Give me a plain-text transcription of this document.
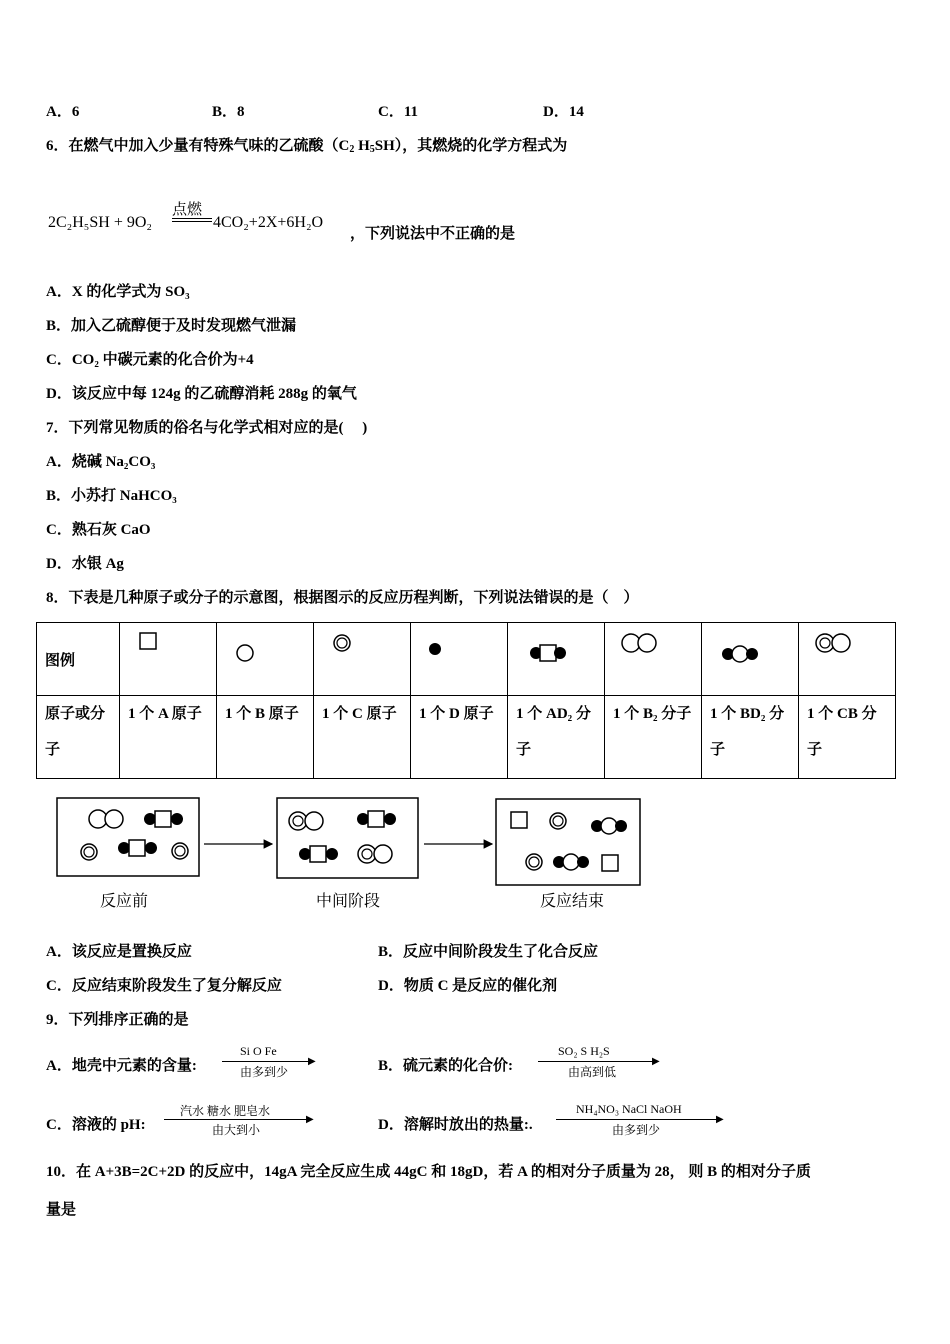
A．6	B．8	C．11	D．14
6．在燃气中加入少量有特殊气味的乙硫酸（$C_2$ $H_5SH$），其燃烧的化学方程式为
2C₂H₅SH + 9O₂
点燃
4CO₂+2X+6H₂O
，下列说法中不正确的是
A．X 的化学式为 SO₃
B．加入乙硫醇便于及时发现燃气泄漏
C．CO₂ 中碳元素的化合价为+4
D．该反应中每 124g 的乙硫醇消耗 288g 的氧气
7．下列常见物质的俗名与化学式相对应的是(　 )
A．烧碱 Na₂CO₃
B．小苏打 NaHCO₃
C．熟石灰 CaO
D．水银 Ag
8．下表是几种原子或分子的示意图，根据图示的反应历程判断，下列说法错误的是（　）
图例								
原子或分子	1 个 A 原子	1 个 B 原子	1 个 C 原子	1 个 D 原子	1 个 AD₂ 分子	1 个 B₂ 分子	1 个 BD₂ 分子	1 个 CB 分子
反应前	中间阶段	反应结束
A．该反应是置换反应	B．反应中间阶段发生了化合反应
C．反应结束阶段发生了复分解反应	D．物质 C 是反应的催化剂
9．下列排序正确的是
A．地壳中元素的含量:
Si O Fe
▶
由多到少	B．硫元素的化合价:
SO₂ S H₂S
▶
由高到低
C．溶液的 pH:
汽水 糖水 肥皂水
▶
由大到小	D．溶解时放出的热量:.
NH₄NO₃ NaCl NaOH
▶
由多到少
10．在 A+3B=2C+2D 的反应中，14gA 完全反应生成 44gC 和 18gD，若 A 的相对分子质量为 28， 则 B 的相对分子质
量是
